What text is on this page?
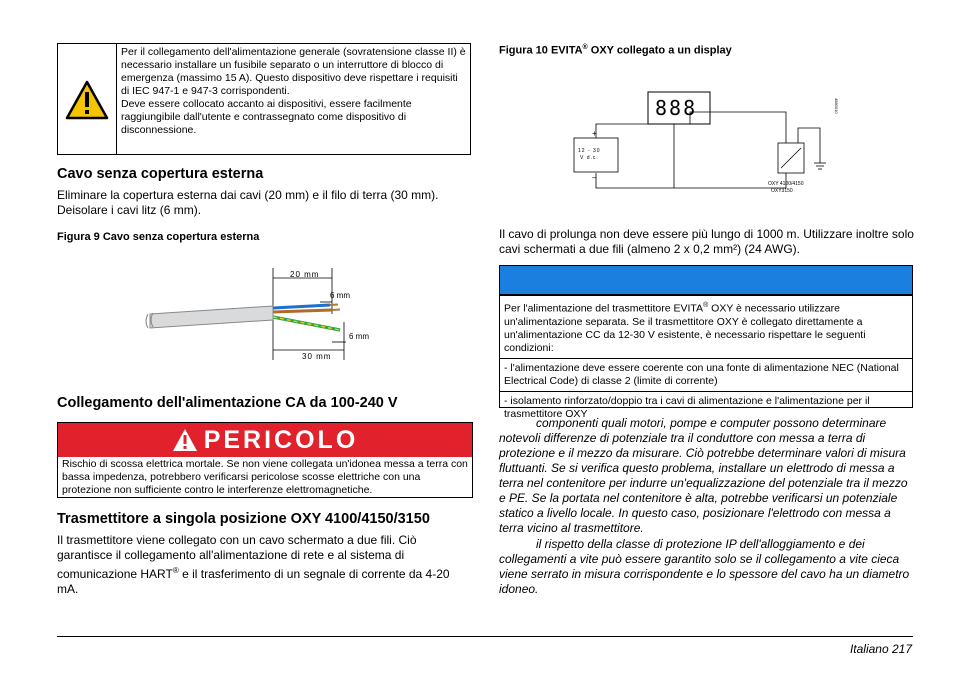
Per il collegamento dell'alimentazione generale (sovratensione classe II) è necessario installare un fusibile separato o un interruttore di blocco di emergenza (massimo 15 A). Questo dispositivo deve rispettare i requisiti di IEC 947-1 e 947-3 corrispondenti.
Deve essere collocato accanto ai dispositivi, essere facilmente raggiungibile dall'utente e contrassegnato come dispositivo di disconnessione.
Cavo senza copertura esterna

Eliminare la copertura esterna dai cavi (20 mm) e il filo di terra (30 mm). Deisolare i cavi litz (6 mm).

Figura 9 Cavo senza copertura esterna

20 mm
6 mm
6 mm
30 mm
Collegamento dell'alimentazione CA da 100-240 V
PERICOLO
Rischio di scossa elettrica mortale. Se non viene collegata un'idonea messa a terra con bassa impedenza, potrebbero verificarsi pericolose scosse elettriche con una protezione non sufficiente contro le interferenze elettromagnetiche.
Trasmettitore a singola posizione OXY 4100/4150/3150

Il trasmettitore viene collegato con un cavo schermato a due fili. Ciò garantisce il collegamento all'alimentazione di rete e al sistema di comunicazione HART® e il trasferimento di un segnale di corrente da 4-20 mA.

Figura 10 EVITA® OXY collegato a un display

888
+
–
12 - 30
V d.c.
OXY 4100/4150
OXY3150
4880010

Il cavo di prolunga non deve essere più lungo di 1000 m. Utilizzare inoltre solo cavi schermati a due fili (almeno 2 x 0,2 mm²) (24 AWG).

Per l'alimentazione del trasmettitore EVITA® OXY è necessario utilizzare un'alimentazione separata. Se il trasmettitore OXY è collegato direttamente a un'alimentazione CC da 12-30 V esistente, è necessario rispettare le seguenti condizioni:
- l'alimentazione deve essere coerente con una fonte di alimentazione NEC (National Electrical Code) di classe 2 (limite di corrente)
- isolamento rinforzato/doppio tra i cavi di alimentazione e l'alimentazione per il trasmettitore OXY

componenti quali motori, pompe e computer possono determinare notevoli differenze di potenziale tra il conduttore con messa a terra di protezione e il mezzo da misurare. Ciò potrebbe determinare valori di misura fluttuanti. Se si verifica questo problema, installare un elettrodo di messa a terra nel contenitore per indurre un'equalizzazione del potenziale tra il mezzo e PE. Se la portata nel contenitore è alta, potrebbe verificarsi un potenziale statico a livello locale. In questo caso, posizionare l'elettrodo con messa a terra vicino al trasmettitore.

il rispetto della classe di protezione IP dell'alloggiamento e dei collegamenti a vite può essere garantito solo se il collegamento a vite cieca viene serrato in misura corrispondente e lo spessore del cavo ha un diametro idoneo.

Italiano 217
